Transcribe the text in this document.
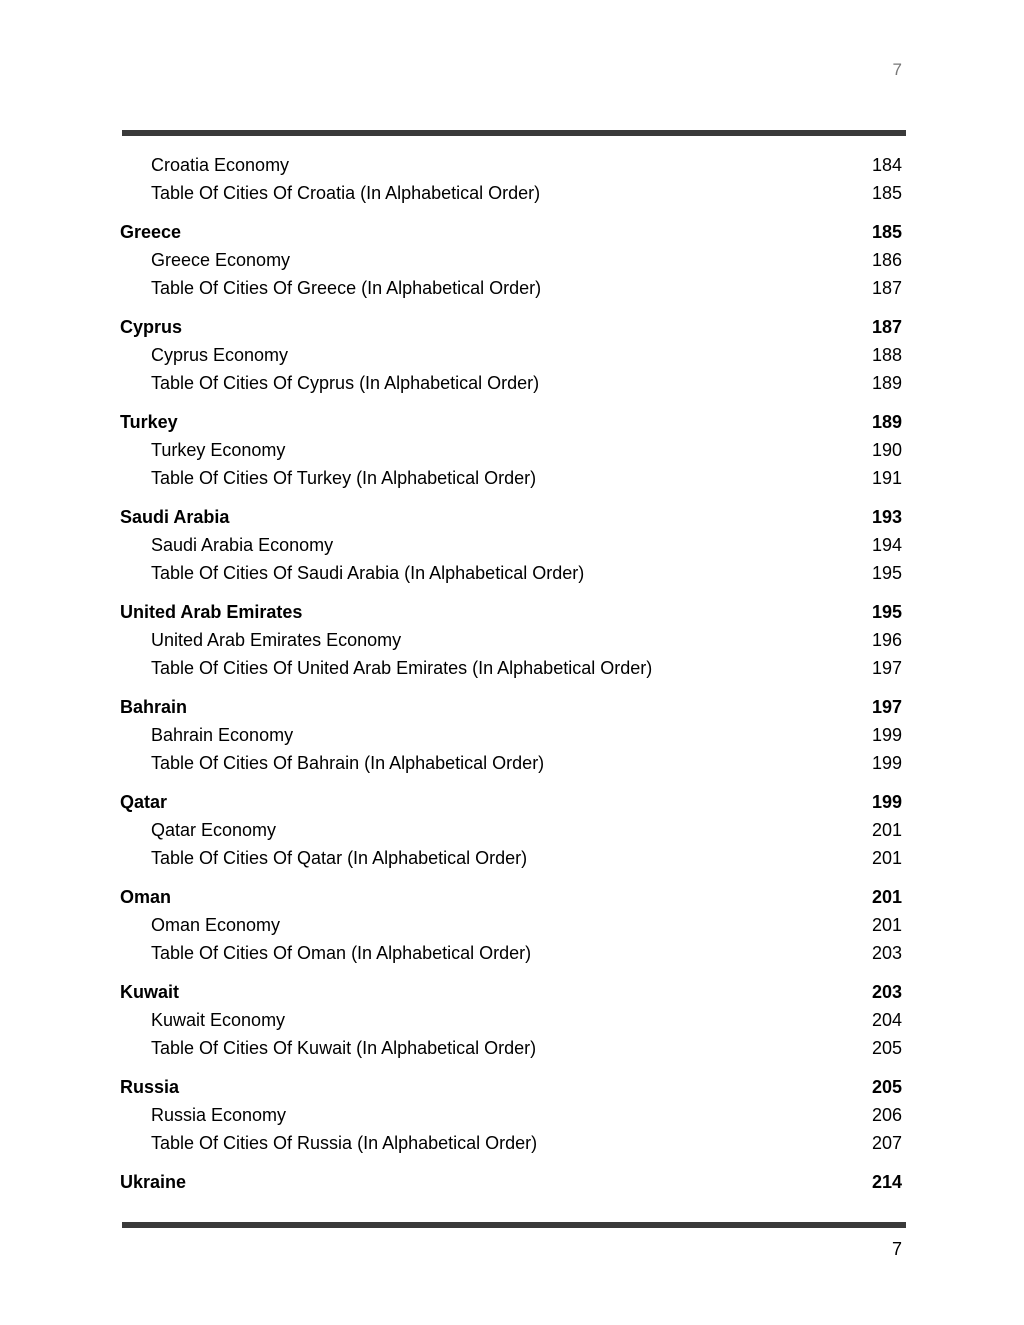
7
Croatia Economy	184
Table Of Cities Of Croatia (In Alphabetical Order)	185
Greece	185
Greece Economy	186
Table Of Cities Of Greece (In Alphabetical Order)	187
Cyprus	187
Cyprus Economy	188
Table Of Cities Of Cyprus (In Alphabetical Order)	189
Turkey	189
Turkey Economy	190
Table Of Cities Of Turkey (In Alphabetical Order)	191
Saudi Arabia	193
Saudi Arabia Economy	194
Table Of Cities Of Saudi Arabia (In Alphabetical Order)	195
United Arab Emirates	195
United Arab Emirates Economy	196
Table Of Cities Of United Arab Emirates (In Alphabetical Order)	197
Bahrain	197
Bahrain Economy	199
Table Of Cities Of Bahrain (In Alphabetical Order)	199
Qatar	199
Qatar Economy	201
Table Of Cities Of Qatar (In Alphabetical Order)	201
Oman	201
Oman Economy	201
Table Of Cities Of Oman (In Alphabetical Order)	203
Kuwait	203
Kuwait Economy	204
Table Of Cities Of Kuwait (In Alphabetical Order)	205
Russia	205
Russia Economy	206
Table Of Cities Of Russia (In Alphabetical Order)	207
Ukraine	214
7
